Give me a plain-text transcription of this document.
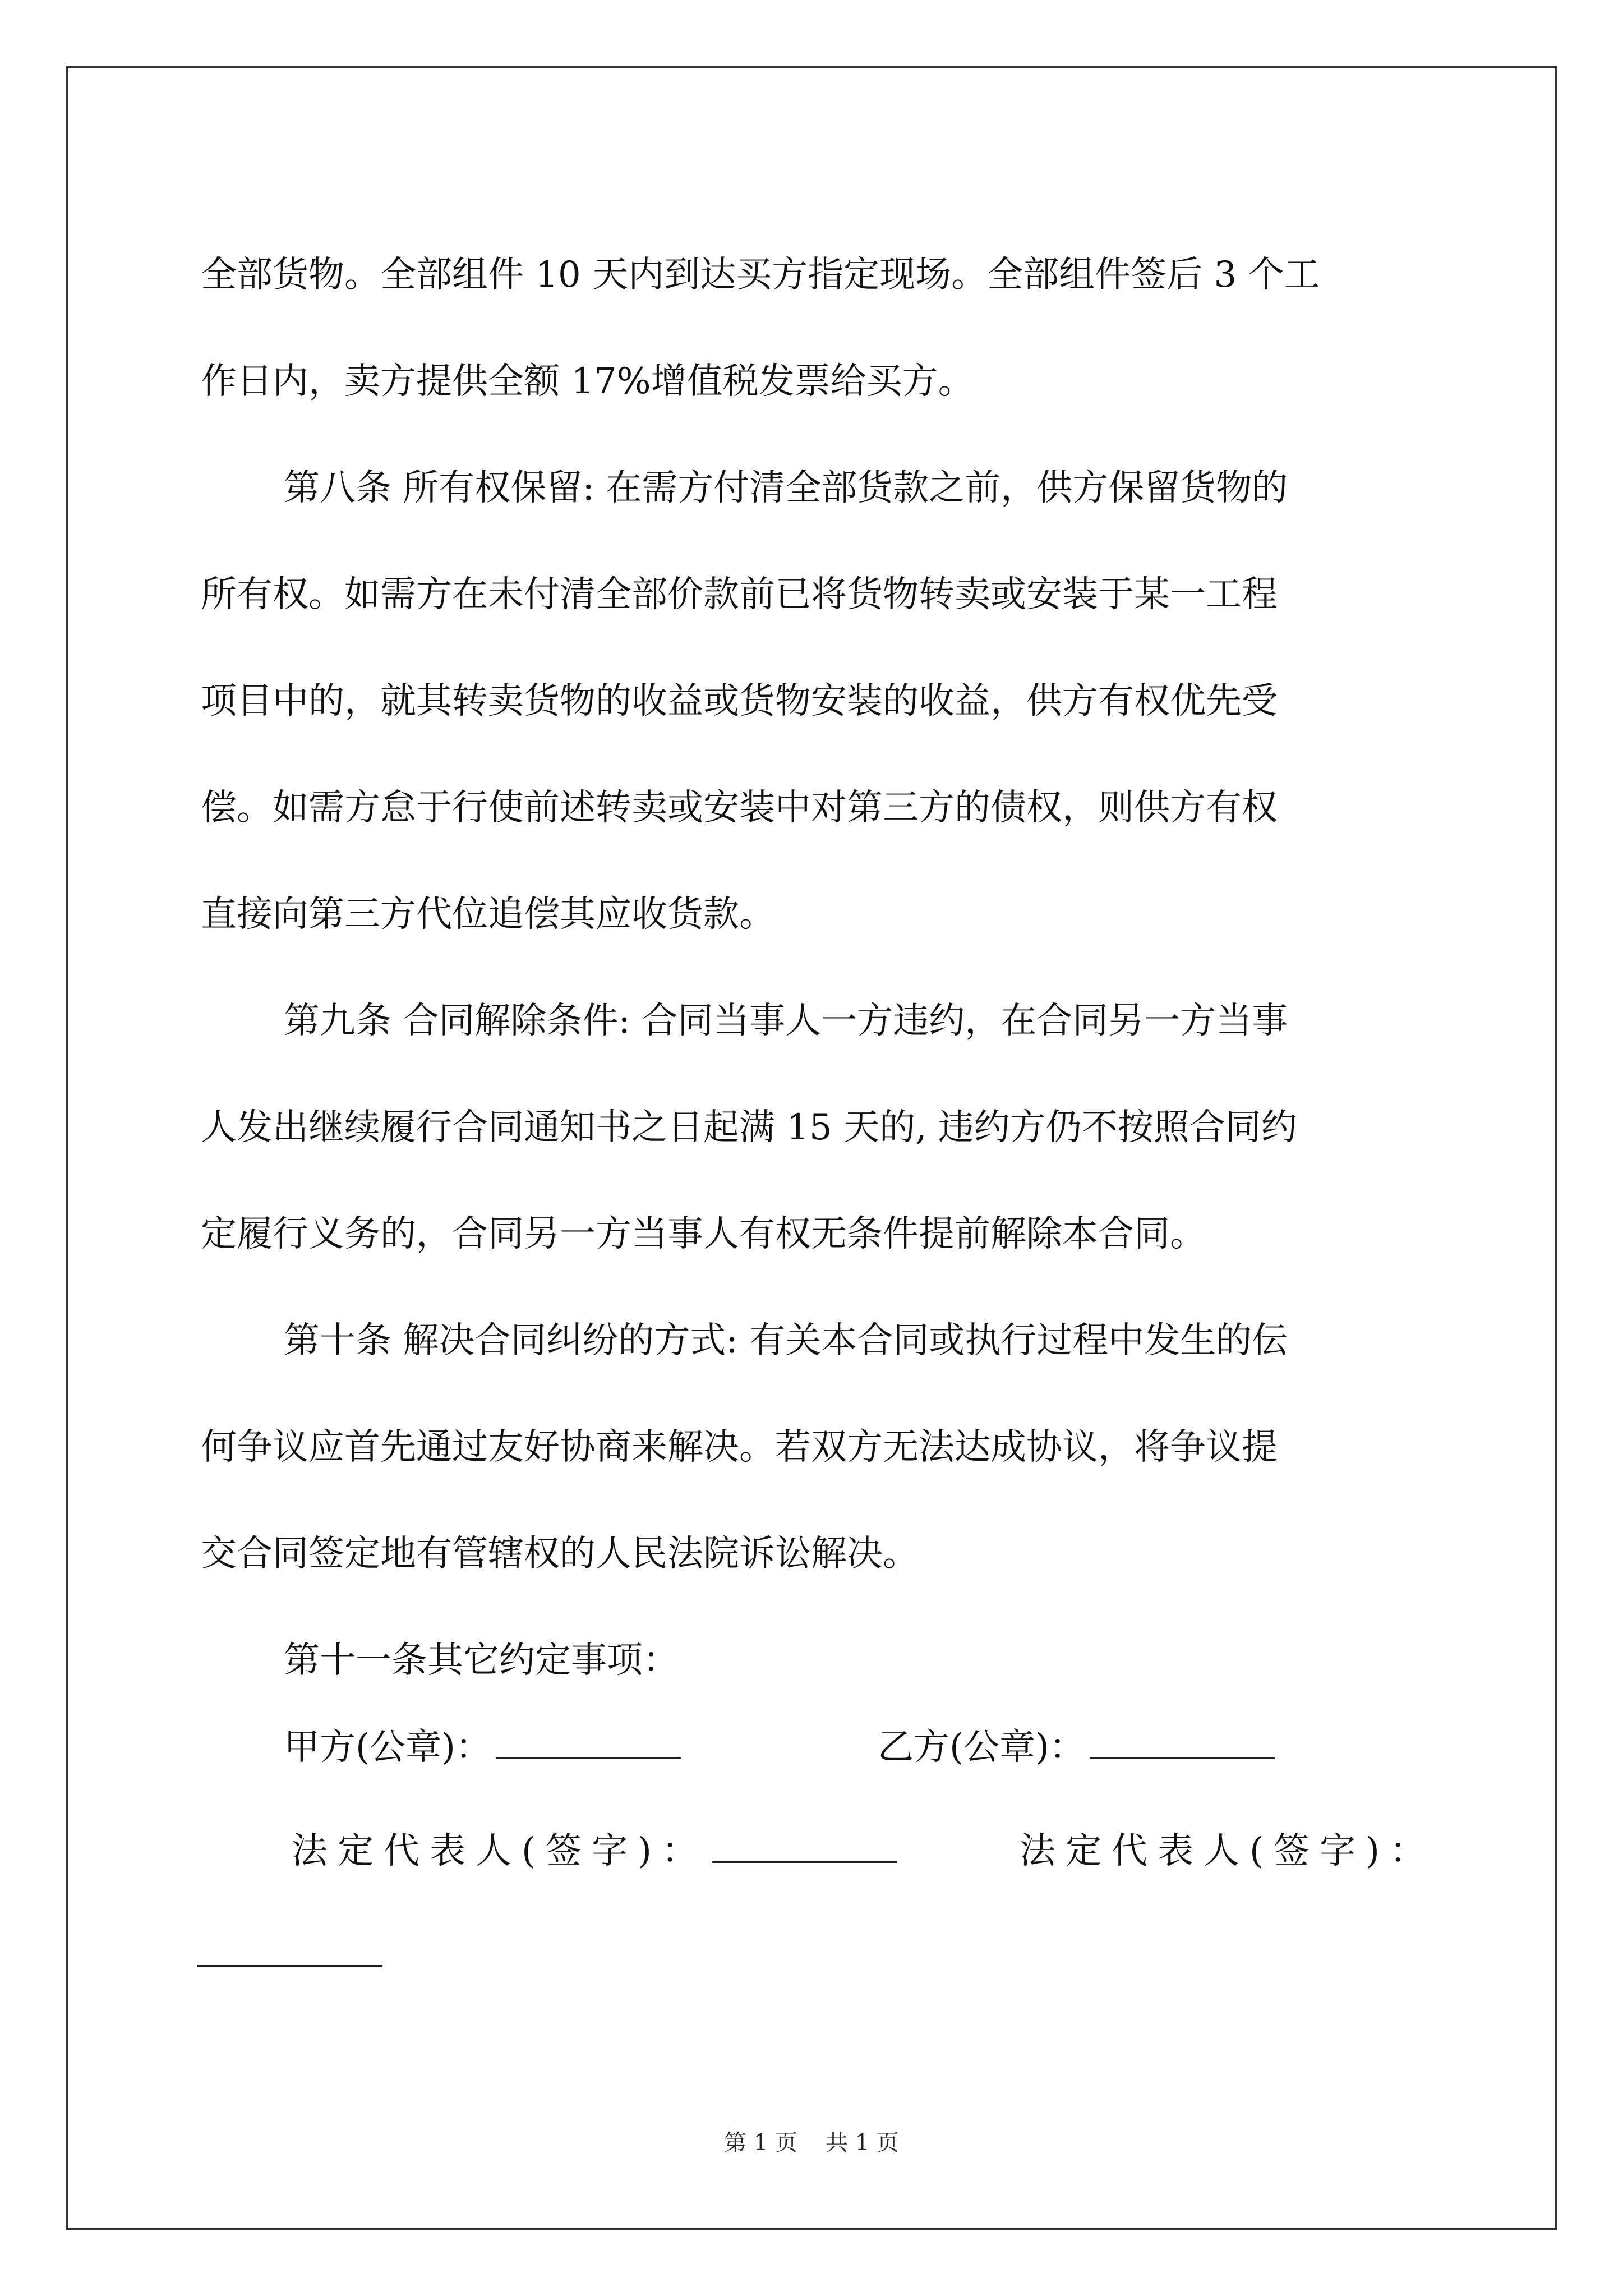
全部货物。全部组件 10 天内到达买方指定现场。全部组件签后 3 个工
作日内，卖方提供全额 17%增值税发票给买方。

第八条 所有权保留: 在需方付清全部货款之前，供方保留货物的
所有权。如需方在未付清全部价款前已将货物转卖或安装于某一工程
项目中的，就其转卖货物的收益或货物安装的收益，供方有权优先受
偿。如需方怠于行使前述转卖或安装中对第三方的债权，则供方有权
直接向第三方代位追偿其应收货款。

第九条 合同解除条件: 合同当事人一方违约，在合同另一方当事
人发出继续履行合同通知书之日起满 15 天的, 违约方仍不按照合同约
定履行义务的，合同另一方当事人有权无条件提前解除本合同。

第十条 解决合同纠纷的方式: 有关本合同或执行过程中发生的伝
何争议应首先通过友好协商来解决。若双方无法达成协议，将争议提
交合同签定地有管辖权的人民法院诉讼解决。

第十一条其它约定事项：

甲方(公章)：	乙方(公章)：
法定代表人(签字)：	法定代表人(签字)：
第 1 页 共 1 页
